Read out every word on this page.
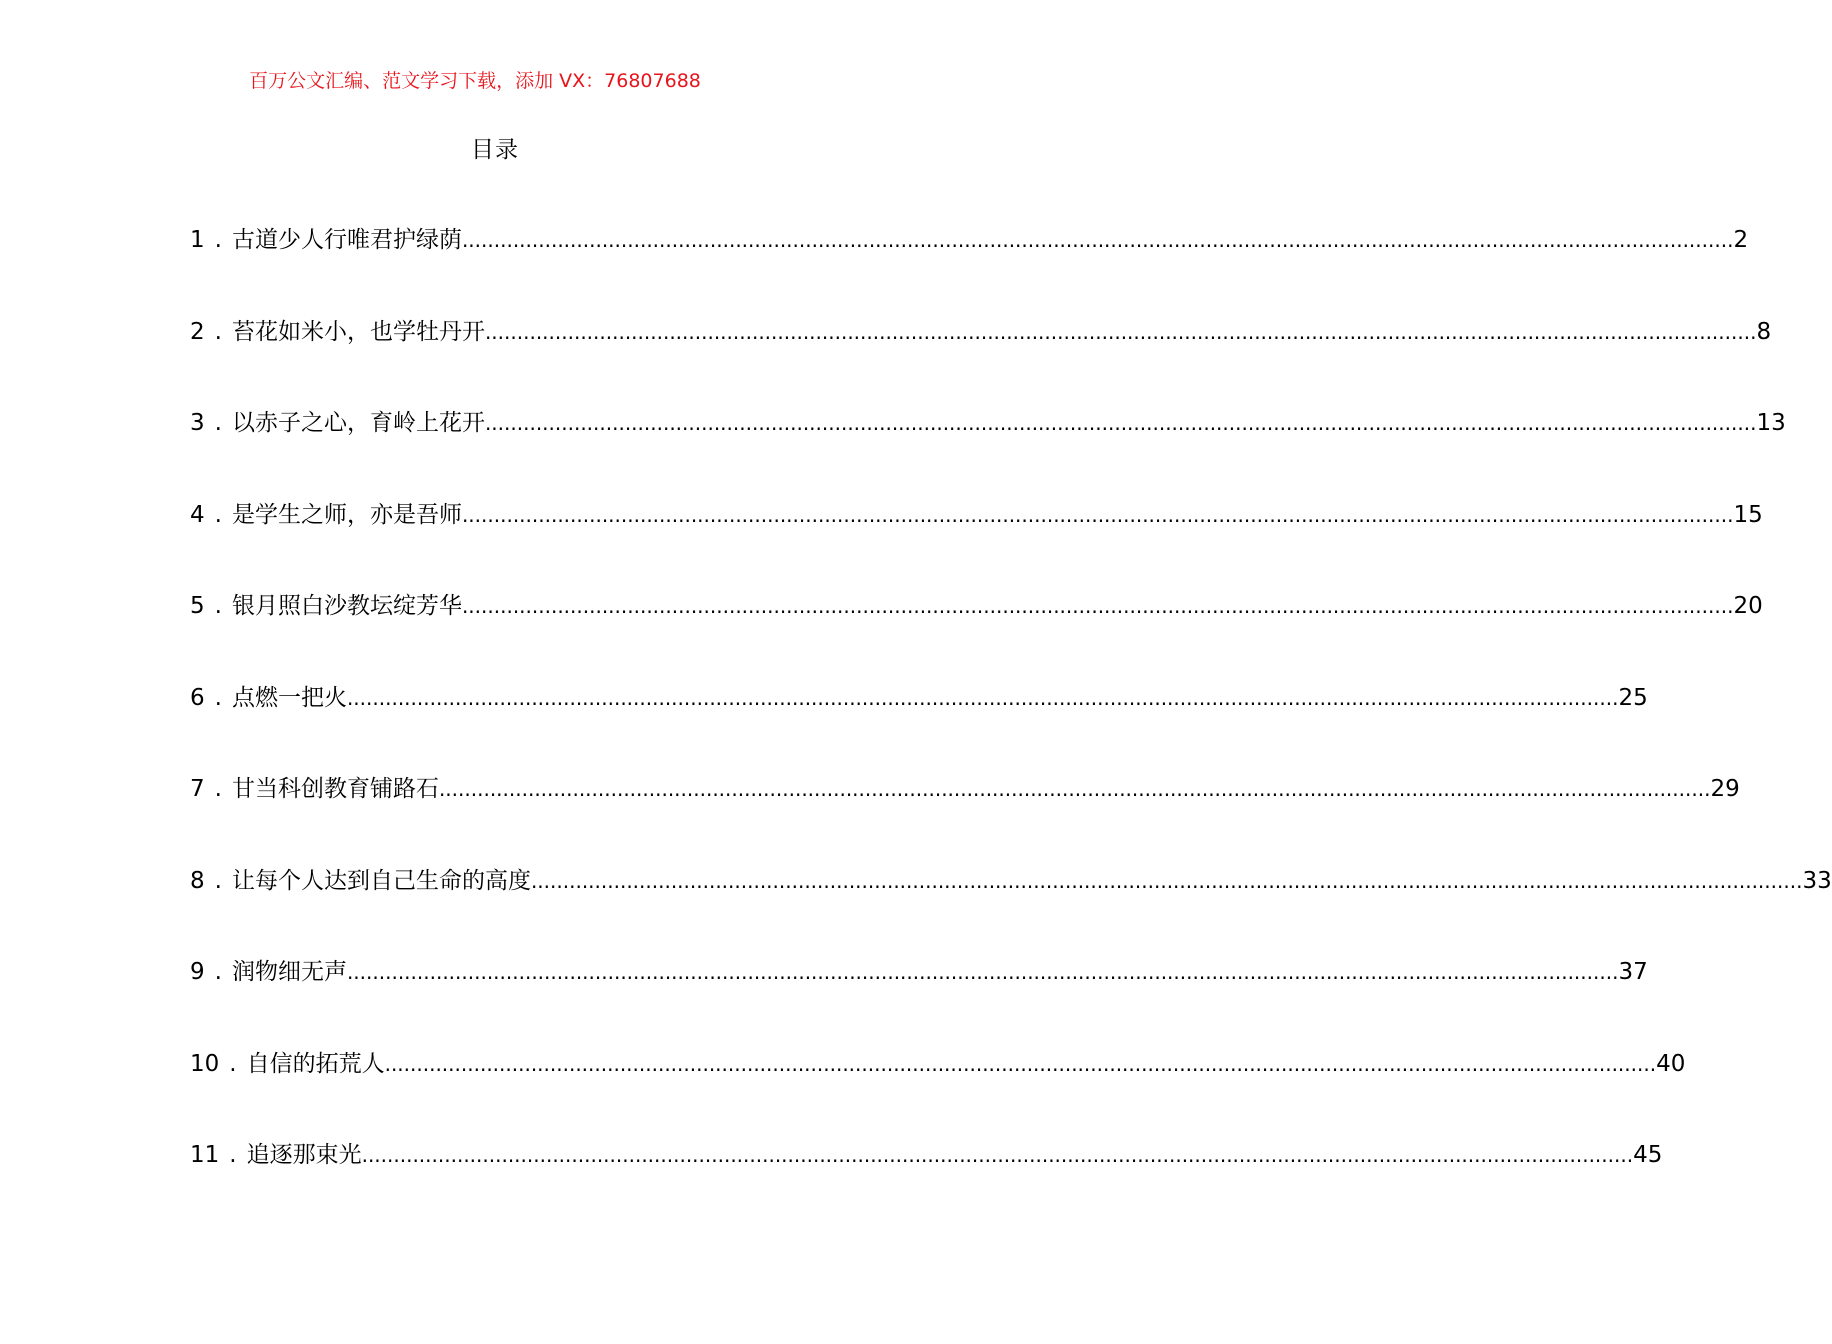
百万公文汇编、范文学习下载，添加 VX：76807688
目录
1 . 古道少人行唯君护绿荫 ........................................................................................................................................................................................................ 2
2 . 苔花如米小，也学牡丹开 ........................................................................................................................................................................................................ 8
3 . 以赤子之心，育岭上花开 ........................................................................................................................................................................................................ 13
4 . 是学生之师，亦是吾师 ........................................................................................................................................................................................................ 15
5 . 银月照白沙教坛绽芳华 ........................................................................................................................................................................................................ 20
6 . 点燃一把火 ........................................................................................................................................................................................................ 25
7 . 甘当科创教育铺路石 ........................................................................................................................................................................................................ 29
8 . 让每个人达到自己生命的高度 ........................................................................................................................................................................................................ 33
9 . 润物细无声 ........................................................................................................................................................................................................ 37
10 . 自信的拓荒人 ........................................................................................................................................................................................................ 40
11 . 追逐那束光 ........................................................................................................................................................................................................ 45
